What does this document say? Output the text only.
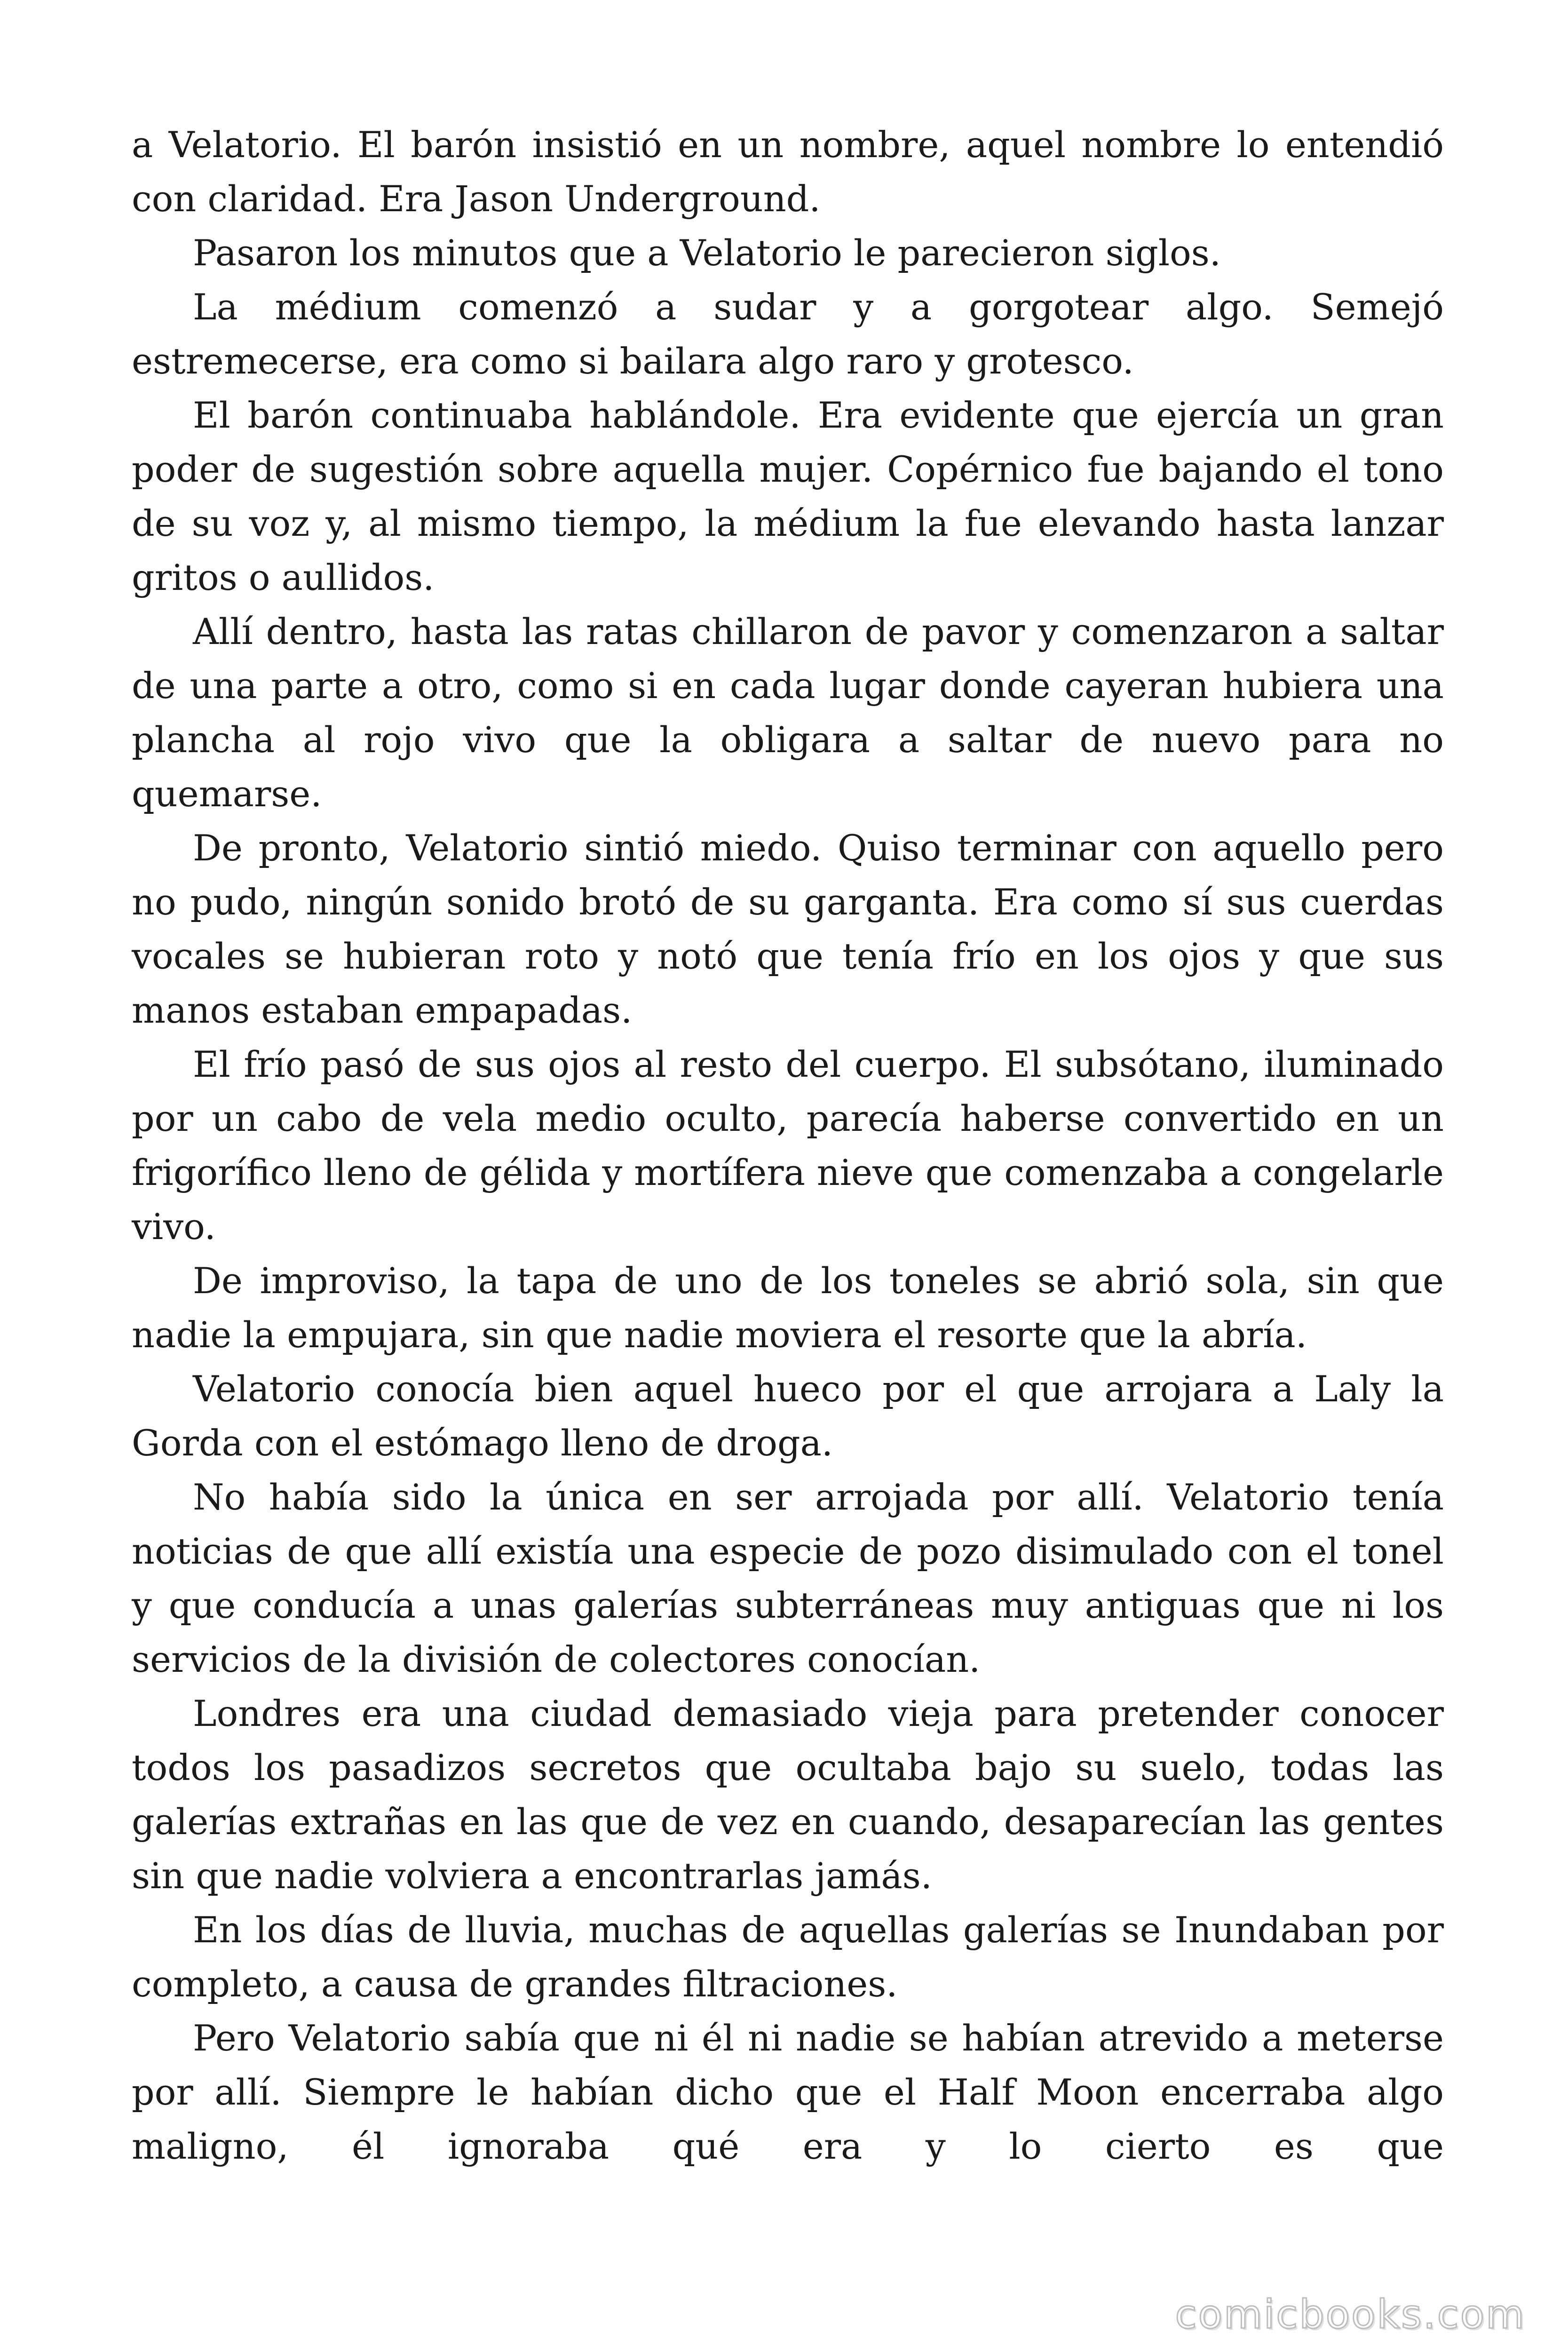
a Velatorio. El barón insistió en un nombre, aquel nombre lo entendió con claridad. Era Jason Underground.

Pasaron los minutos que a Velatorio le parecieron siglos.

La médium comenzó a sudar y a gorgotear algo. Semejó estremecerse, era como si bailara algo raro y grotesco.

El barón continuaba hablándole. Era evidente que ejercía un gran poder de sugestión sobre aquella mujer. Copérnico fue bajando el tono de su voz y, al mismo tiempo, la médium la fue elevando hasta lanzar gritos o aullidos.

Allí dentro, hasta las ratas chillaron de pavor y comenzaron a saltar de una parte a otro, como si en cada lugar donde cayeran hubiera una plancha al rojo vivo que la obligara a saltar de nuevo para no quemarse.

De pronto, Velatorio sintió miedo. Quiso terminar con aquello pero no pudo, ningún sonido brotó de su garganta. Era como sí sus cuerdas vocales se hubieran roto y notó que tenía frío en los ojos y que sus manos estaban empapadas.

El frío pasó de sus ojos al resto del cuerpo. El subsótano, iluminado por un cabo de vela medio oculto, parecía haberse convertido en un frigorífico lleno de gélida y mortífera nieve que comenzaba a congelarle vivo.

De improviso, la tapa de uno de los toneles se abrió sola, sin que nadie la empujara, sin que nadie moviera el resorte que la abría.

Velatorio conocía bien aquel hueco por el que arrojara a Laly la Gorda con el estómago lleno de droga.

No había sido la única en ser arrojada por allí. Velatorio tenía noticias de que allí existía una especie de pozo disimulado con el tonel y que conducía a unas galerías subterráneas muy antiguas que ni los servicios de la división de colectores conocían.

Londres era una ciudad demasiado vieja para pretender conocer todos los pasadizos secretos que ocultaba bajo su suelo, todas las galerías extrañas en las que de vez en cuando, desaparecían las gentes sin que nadie volviera a encontrarlas jamás.

En los días de lluvia, muchas de aquellas galerías se Inundaban por completo, a causa de grandes filtraciones.

Pero Velatorio sabía que ni él ni nadie se habían atrevido a meterse por allí. Siempre le habían dicho que el Half Moon encerraba algo maligno, él ignoraba qué era y lo cierto es que

comicbooks.com
